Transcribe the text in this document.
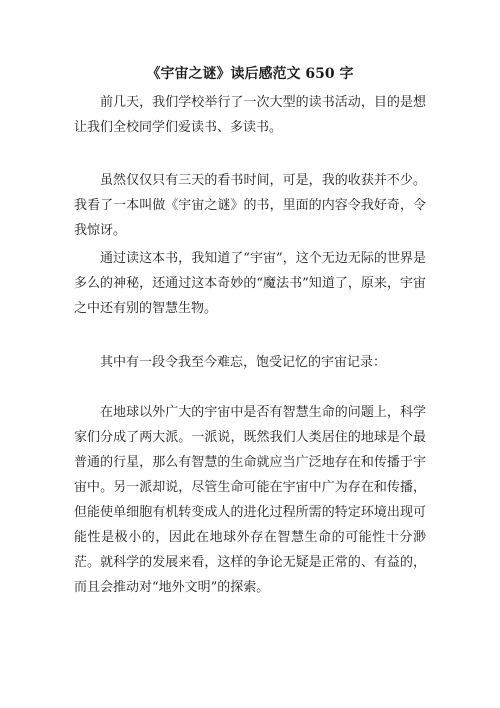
《宇宙之谜》读后感范文 650 字

前几天，我们学校举行了一次大型的读书活动，目的是想让我们全校同学们爱读书、多读书。

虽然仅仅只有三天的看书时间，可是，我的收获并不少。我看了一本叫做《宇宙之谜》的书，里面的内容令我好奇，令我惊讶。

通过读这本书，我知道了“宇宙”，这个无边无际的世界是多么的神秘，还通过这本奇妙的“魔法书”知道了，原来，宇宙之中还有别的智慧生物。

其中有一段令我至今难忘，饱受记忆的宇宙记录：

在地球以外广大的宇宙中是否有智慧生命的问题上，科学家们分成了两大派。一派说，既然我们人类居住的地球是个最普通的行星，那么有智慧的生命就应当广泛地存在和传播于宇宙中。另一派却说，尽管生命可能在宇宙中广为存在和传播，但能使单细胞有机转变成人的进化过程所需的特定环境出现可能性是极小的，因此在地球外存在智慧生命的可能性十分渺茫。就科学的发展来看，这样的争论无疑是正常的、有益的，而且会推动对“地外文明”的探索。
